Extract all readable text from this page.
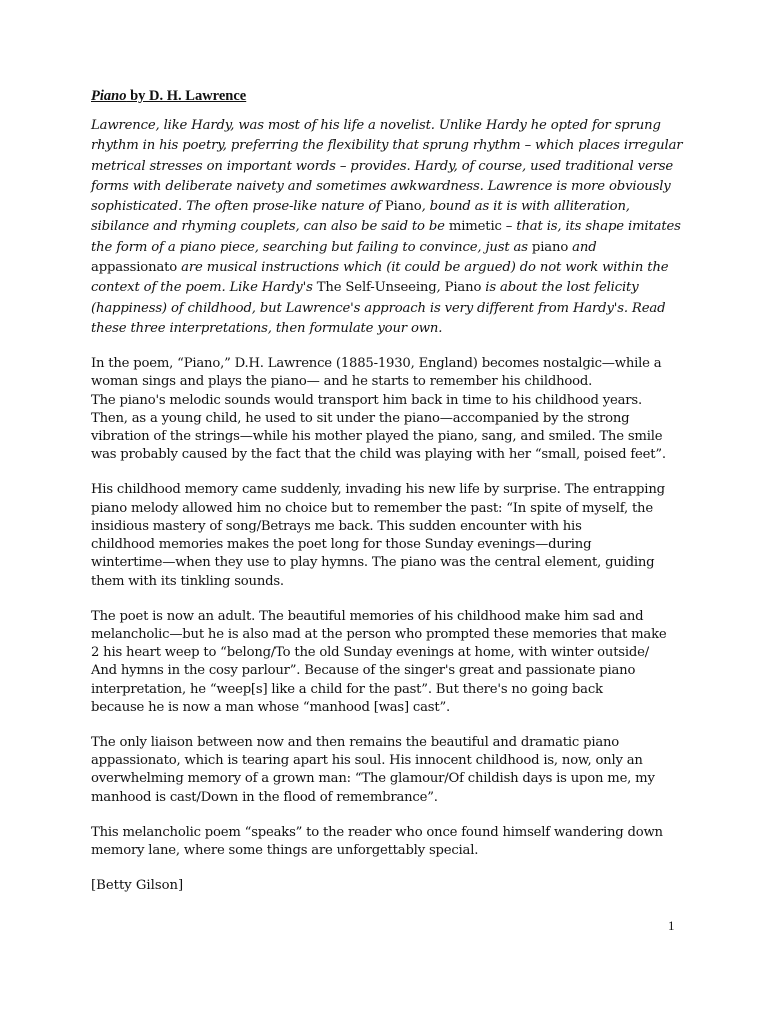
Piano by D. H. Lawrence
Lawrence, like Hardy, was most of his life a novelist. Unlike Hardy he opted for sprung
rhythm in his poetry, preferring the flexibility that sprung rhythm – which places irregular
metrical stresses on important words – provides. Hardy, of course, used traditional verse
forms with deliberate naivety and sometimes awkwardness. Lawrence is more obviously
sophisticated. The often prose-like nature of Piano, bound as it is with alliteration,
sibilance and rhyming couplets, can also be said to be mimetic – that is, its shape imitates
the form of a piano piece, searching but failing to convince, just as piano and
appassionato are musical instructions which (it could be argued) do not work within the
context of the poem. Like Hardy's The Self-Unseeing, Piano is about the lost felicity
(happiness) of childhood, but Lawrence's approach is very different from Hardy's. Read
these three interpretations, then formulate your own.
In the poem, “Piano,” D.H. Lawrence (1885-1930, England) becomes nostalgic—while a
woman sings and plays the piano— and he starts to remember his childhood.
The piano's melodic sounds would transport him back in time to his childhood years.
Then, as a young child, he used to sit under the piano—accompanied by the strong
vibration of the strings—while his mother played the piano, sang, and smiled. The smile
was probably caused by the fact that the child was playing with her “small, poised feet”.
His childhood memory came suddenly, invading his new life by surprise. The entrapping
piano melody allowed him no choice but to remember the past: “In spite of myself, the
insidious mastery of song/Betrays me back. This sudden encounter with his
childhood memories makes the poet long for those Sunday evenings—during
wintertime—when they use to play hymns. The piano was the central element, guiding
them with its tinkling sounds.
The poet is now an adult. The beautiful memories of his childhood make him sad and
melancholic—but he is also mad at the person who prompted these memories that make
2 his heart weep to “belong/To the old Sunday evenings at home, with winter outside/
And hymns in the cosy parlour”. Because of the singer's great and passionate piano
interpretation, he “weep[s] like a child for the past”. But there's no going back
because he is now a man whose “manhood [was] cast”.
The only liaison between now and then remains the beautiful and dramatic piano
appassionato, which is tearing apart his soul. His innocent childhood is, now, only an
overwhelming memory of a grown man: “The glamour/Of childish days is upon me, my
manhood is cast/Down in the flood of remembrance”.
This melancholic poem “speaks” to the reader who once found himself wandering down
memory lane, where some things are unforgettably special.
[Betty Gilson]
1
